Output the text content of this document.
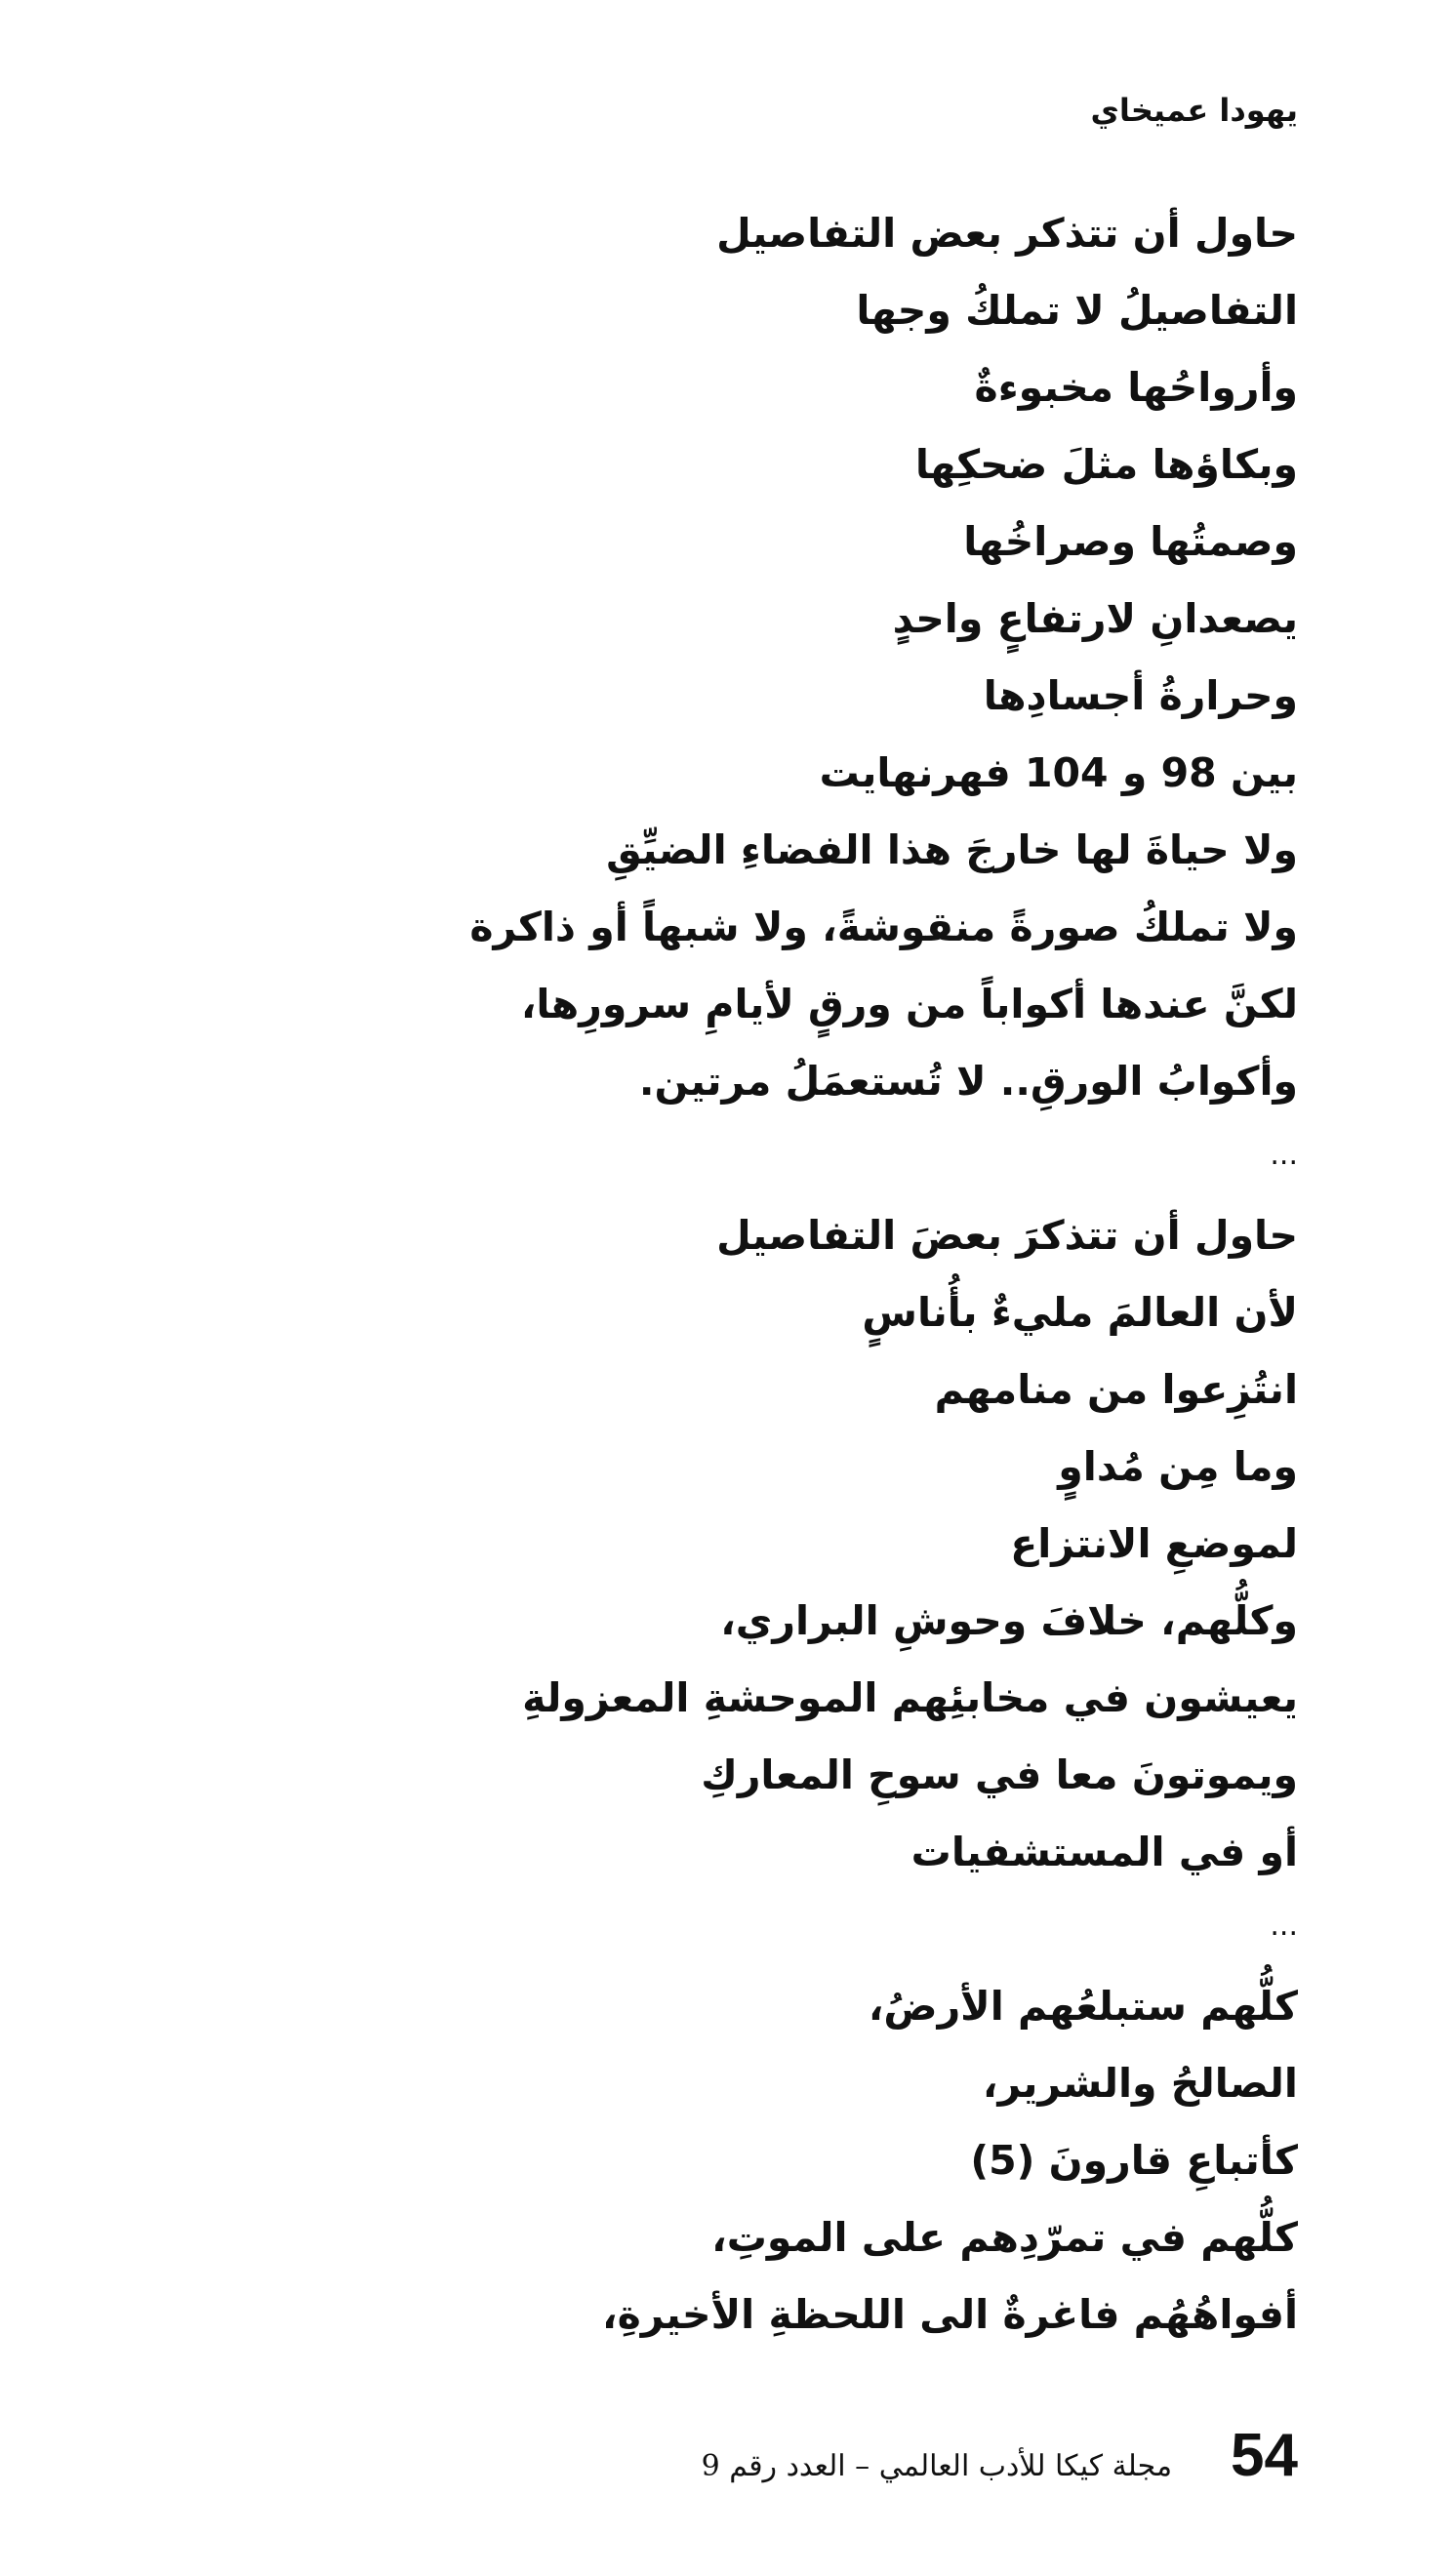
يهودا عميخاي
حاول أن تتذكر بعض التفاصيل
التفاصيلُ لا تملكُ وجها
وأرواحُها مخبوءةٌ
وبكاؤها مثلَ ضحكِها
وصمتُها وصراخُها
يصعدانِ لارتفاعٍ واحدٍ
وحرارةُ أجسادِها
بين 98 و 104 فهرنهايت
ولا حياةَ لها خارجَ هذا الفضاءِ الضيِّقِ
ولا تملكُ صورةً منقوشةً، ولا شبهاً أو ذاكرة
لكنَّ عندها أكواباً من ورقٍ لأيامِ سرورِها،
وأكوابُ الورقِ.. لا تُستعمَلُ مرتين.
...
حاول أن تتذكرَ بعضَ التفاصيل
لأن العالمَ مليءٌ بأُناسٍ
انتُزِعوا من منامهم
وما مِن مُداوٍ
لموضعِ الانتزاع
وكلُّهم، خلافَ وحوشِ البراري،
يعيشون في مخابئِهم الموحشةِ المعزولةِ
ويموتونَ معا في سوحِ المعاركِ
أو في المستشفيات
...
كلُّهم ستبلعُهم الأرضُ،
الصالحُ والشرير،
كأتباعِ قارونَ (5)
كلُّهم في تمرّدِهم على الموتِ،
أفواهُهُم فاغرةٌ الى اللحظةِ الأخيرةِ،
مجلة كيكا للأدب العالمي – العدد رقم 9 54
